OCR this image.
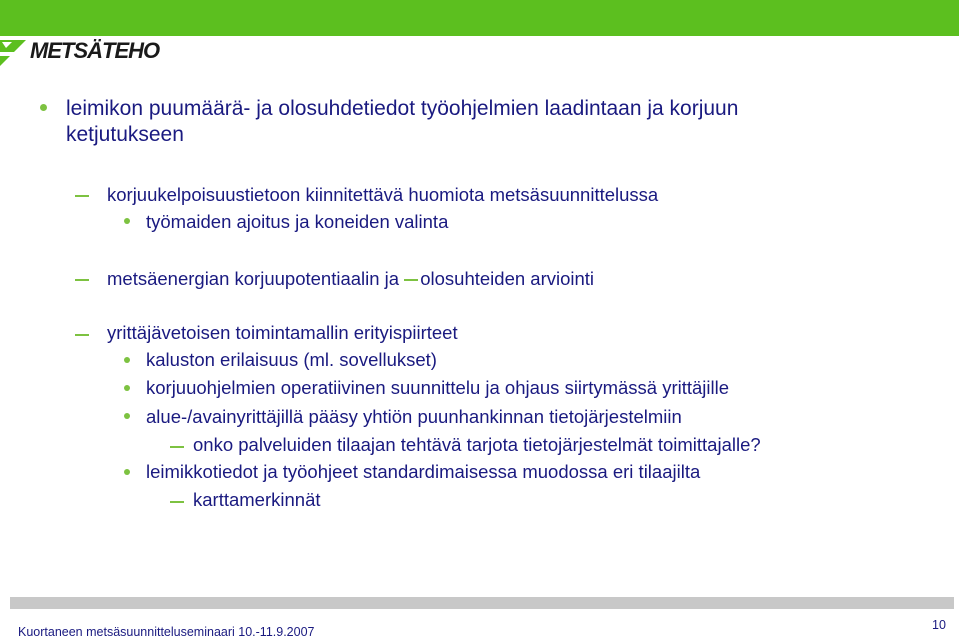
METSÄTEHO
leimikon puumäärä- ja olosuhdetiedot työohjelmien laadintaan ja korjuun
ketjutukseen
korjuukelpoisuustietoon kiinnitettävä huomiota metsäsuunnittelussa
työmaiden ajoitus ja koneiden valinta
metsäenergian korjuupotentiaalin ja olosuhteiden arviointi
yrittäjävetoisen toimintamallin erityispiirteet
kaluston erilaisuus (ml. sovellukset)
korjuuohjelmien operatiivinen suunnittelu ja ohjaus siirtymässä yrittäjille
alue-/avainyrittäjillä pääsy yhtiön puunhankinnan tietojärjestelmiin
onko palveluiden tilaajan tehtävä tarjota tietojärjestelmät toimittajalle?
leimikkotiedot ja työohjeet standardimaisessa muodossa eri tilaajilta
karttamerkinnät
Kuortaneen metsäsuunnitteluseminaari 10.-11.9.2007	10
